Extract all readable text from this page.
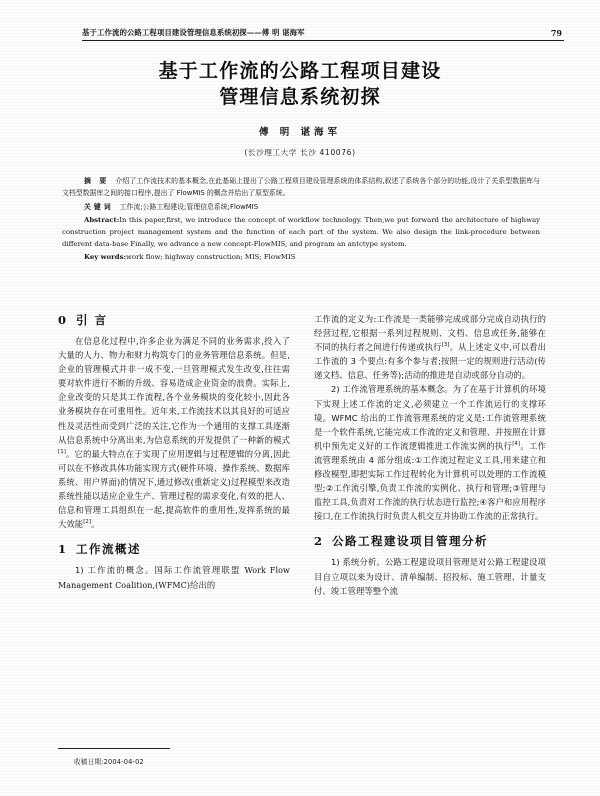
基于工作流的公路工程项目建设管理信息系统初探——傅 明 谌海军	79
基于工作流的公路工程项目建设
管理信息系统初探
傅 明 谌海军
(长沙理工大学 长沙 410076)
摘 要 介绍了工作流技术的基本概念,在此基础上提出了公路工程项目建设管理系统的体系结构,叙述了系统各个部分的功能,设计了关系型数据库与文档型数据库之间的接口程序,提出了 FlowMIS 的概念并给出了原型系统。
关键词 工作流;公路工程建设;管理信息系统;FlowMIS
Abstract:In this paper,first, we introduce the concept of workflow technology. Then,we put forward the architecture of highway construction project management system and the function of each part of the system. We also design the link-procedure between different data-base Finally, we advance a new concept-FlowMIS, and program an antctype system.
Key words:work flow; highway construction; MIS; FlowMIS
0 引 言

在信息化过程中,许多企业为满足不同的业务需求,投入了大量的人力、物力和财力构筑专门的业务管理信息系统。但是,企业的管理模式并非一成不变,一旦管理模式发生改变,往往需要对软件进行不断的升级、容易造成企业资金的浪费。实际上,企业改变的只是其工作流程,各个业务模块的变化较小,因此各业务模块存在可重用性。近年来,工作流技术以其良好的可适应性及灵活性而受到广泛的关注,它作为一个通用的支撑工具逐渐从信息系统中分离出来,为信息系统的开发提供了一种新的模式[1]。它的最大特点在于实现了应用逻辑与过程逻辑的分离,因此可以在不修改具体功能实现方式(硬件环境、操作系统、数据库系统、用户界面)的情况下,通过修改(重新定义)过程模型来改造系统性能以适应企业生产、管理过程的需求变化,有效的把人、信息和管理工具组织在一起,提高软件的重用性,发挥系统的最大效能[2]。

1 工作流概述

1) 工作流的概念。国际工作流管理联盟 Work Flow Management Coalition,(WFMC)给出的

收稿日期:2004-04-02

工作流的定义为:工作流是一类能够完成或部分完成自动执行的经营过程,它根据一系列过程规则、文档、信息或任务,能够在不同的执行者之间进行传递或执行[3]。从上述定义中,可以看出工作流的 3 个要点:有多个参与者;按照一定的规则进行活动(传递文档、信息、任务等);活动的推进是自动或部分自动的。

2) 工作流管理系统的基本概念。为了在基于计算机的环境下实现上述工作流的定义,必须建立一个工作流运行的支撑环境。WFMC 给出的工作流管理系统的定义是:工作流管理系统是一个软件系统,它能完成工作流的定义和管理、并按照在计算机中预先定义好的工作流逻辑推进工作流实例的执行[4]。工作流管理系统由 4 部分组成:①工作流过程定义工具,用来建立和修改模型,即把实际工作过程转化为计算机可以处理的工作流模型;②工作流引擎,负责工作流的实例化、执行和管理;③管理与监控工具,负责对工作流的执行状态进行监控;④客户和应用程序接口,在工作流执行时负责人机交互并协助工作流的正常执行。

2 公路工程建设项目管理分析

1) 系统分析。公路工程建设项目管理是对公路工程建设项目自立项以来为设计、清单编制、招投标、施工管理、计量支付、竣工管理等整个流
